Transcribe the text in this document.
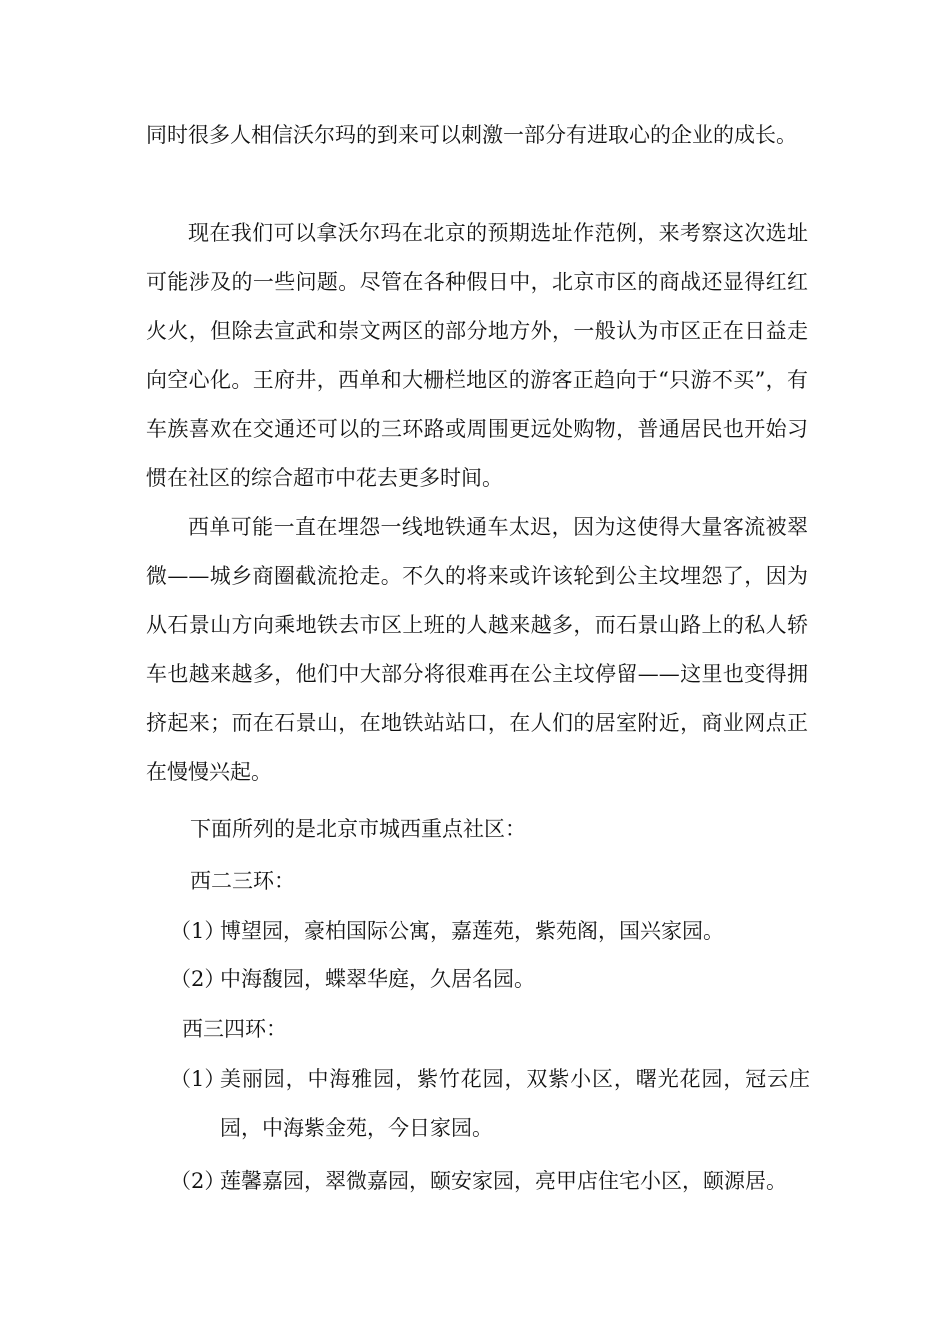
同时很多人相信沃尔玛的到来可以刺激一部分有进取心的企业的成长。

现在我们可以拿沃尔玛在北京的预期选址作范例，来考察这次选址可能涉及的一些问题。尽管在各种假日中，北京市区的商战还显得红红火火，但除去宣武和崇文两区的部分地方外，一般认为市区正在日益走向空心化。王府井，西单和大栅栏地区的游客正趋向于“只游不买”，有车族喜欢在交通还可以的三环路或周围更远处购物，普通居民也开始习惯在社区的综合超市中花去更多时间。

西单可能一直在埋怨一线地铁通车太迟，因为这使得大量客流被翠微——城乡商圈截流抢走。不久的将来或许该轮到公主坟埋怨了，因为从石景山方向乘地铁去市区上班的人越来越多，而石景山路上的私人轿车也越来越多，他们中大部分将很难再在公主坟停留——这里也变得拥挤起来；而在石景山，在地铁站站口，在人们的居室附近，商业网点正在慢慢兴起。

下面所列的是北京市城西重点社区：

西二三环：

（1）
博望园，豪柏国际公寓，嘉莲苑，紫苑阁，国兴家园。
（2）
中海馥园，蝶翠华庭，久居名园。

西三四环：

（1）
美丽园，中海雅园，紫竹花园，双紫小区，曙光花园，冠云庄园，中海紫金苑，今日家园。
（2）
莲馨嘉园，翠微嘉园，颐安家园，亮甲店住宅小区，颐源居。
